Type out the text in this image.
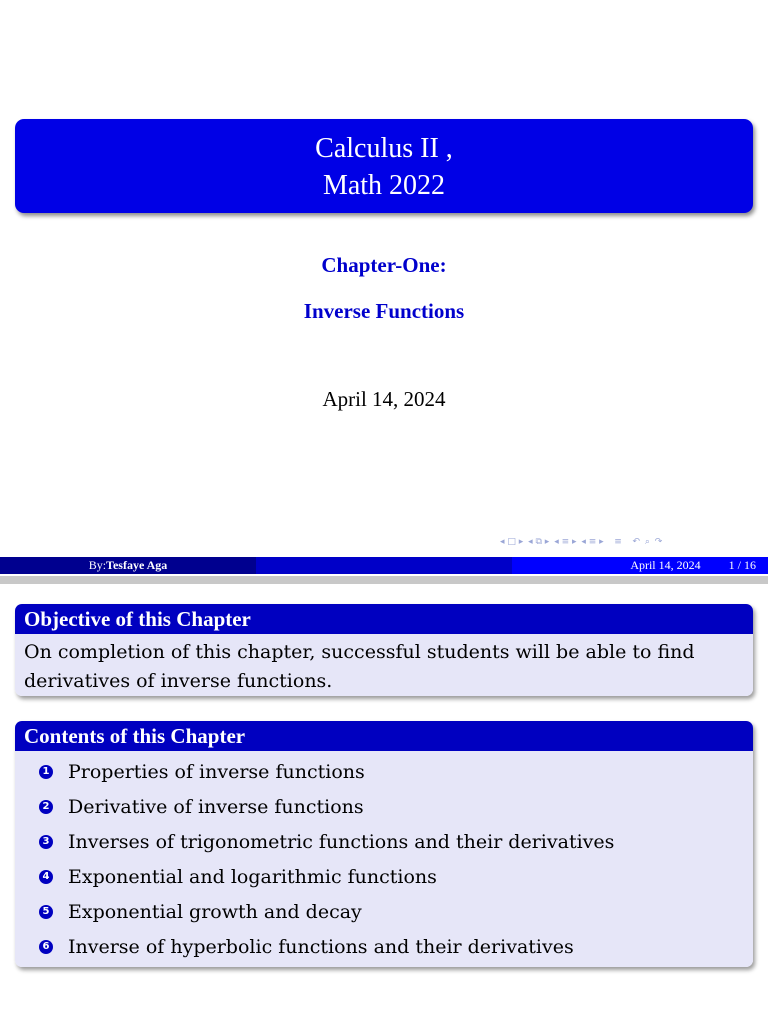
Calculus II ,
Math 2022
Chapter-One:
Inverse Functions
April 14, 2024
◂ □ ▸ ◂ ⧉ ▸ ◂ ≡ ▸ ◂ ≡ ▸   ≡   ↶ ⌕ ↷
By:Tesfaye Aga	April 14, 2024 1 / 16
Objective of this Chapter
On completion of this chapter, successful students will be able to find
derivatives of inverse functions.
Contents of this Chapter
1 Properties of inverse functions
2 Derivative of inverse functions
3 Inverses of trigonometric functions and their derivatives
4 Exponential and logarithmic functions
5 Exponential growth and decay
6 Inverse of hyperbolic functions and their derivatives
